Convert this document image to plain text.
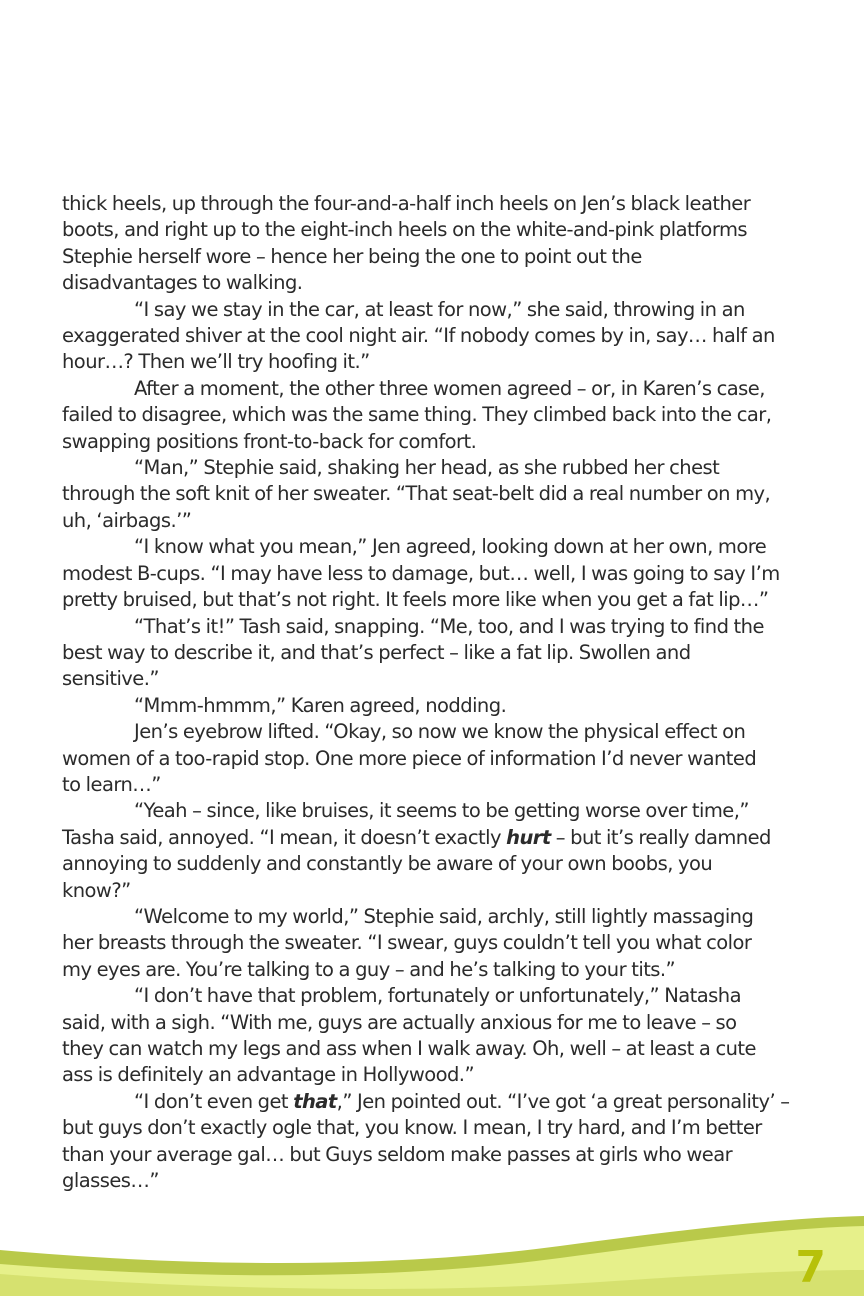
thick heels, up through the four-and-a-half inch heels on Jen’s black leather

boots, and right up to the eight-inch heels on the white-and-pink platforms

Stephie herself wore – hence her being the one to point out the

disadvantages to walking.

“I say we stay in the car, at least for now,” she said, throwing in an

exaggerated shiver at the cool night air. “If nobody comes by in, say… half an

hour…? Then we’ll try hoofing it.”

After a moment, the other three women agreed – or, in Karen’s case,

failed to disagree, which was the same thing. They climbed back into the car,

swapping positions front-to-back for comfort.

“Man,” Stephie said, shaking her head, as she rubbed her chest

through the soft knit of her sweater. “That seat-belt did a real number on my,

uh, ‘airbags.’”

“I know what you mean,” Jen agreed, looking down at her own, more

modest B-cups. “I may have less to damage, but… well, I was going to say I’m

pretty bruised, but that’s not right. It feels more like when you get a fat lip…”

“That’s it!” Tash said, snapping. “Me, too, and I was trying to find the

best way to describe it, and that’s perfect – like a fat lip. Swollen and

sensitive.”

“Mmm-hmmm,” Karen agreed, nodding.

Jen’s eyebrow lifted. “Okay, so now we know the physical effect on

women of a too-rapid stop. One more piece of information I’d never wanted

to learn…”

“Yeah – since, like bruises, it seems to be getting worse over time,”

Tasha said, annoyed. “I mean, it doesn’t exactly hurt – but it’s really damned

annoying to suddenly and constantly be aware of your own boobs, you

know?”

“Welcome to my world,” Stephie said, archly, still lightly massaging

her breasts through the sweater. “I swear, guys couldn’t tell you what color

my eyes are. You’re talking to a guy – and he’s talking to your tits.”

“I don’t have that problem, fortunately or unfortunately,” Natasha

said, with a sigh. “With me, guys are actually anxious for me to leave – so

they can watch my legs and ass when I walk away. Oh, well – at least a cute

ass is definitely an advantage in Hollywood.”

“I don’t even get that,” Jen pointed out. “I’ve got ‘a great personality’ –

but guys don’t exactly ogle that, you know. I mean, I try hard, and I’m better

than your average gal… but Guys seldom make passes at girls who wear

glasses…”

7
